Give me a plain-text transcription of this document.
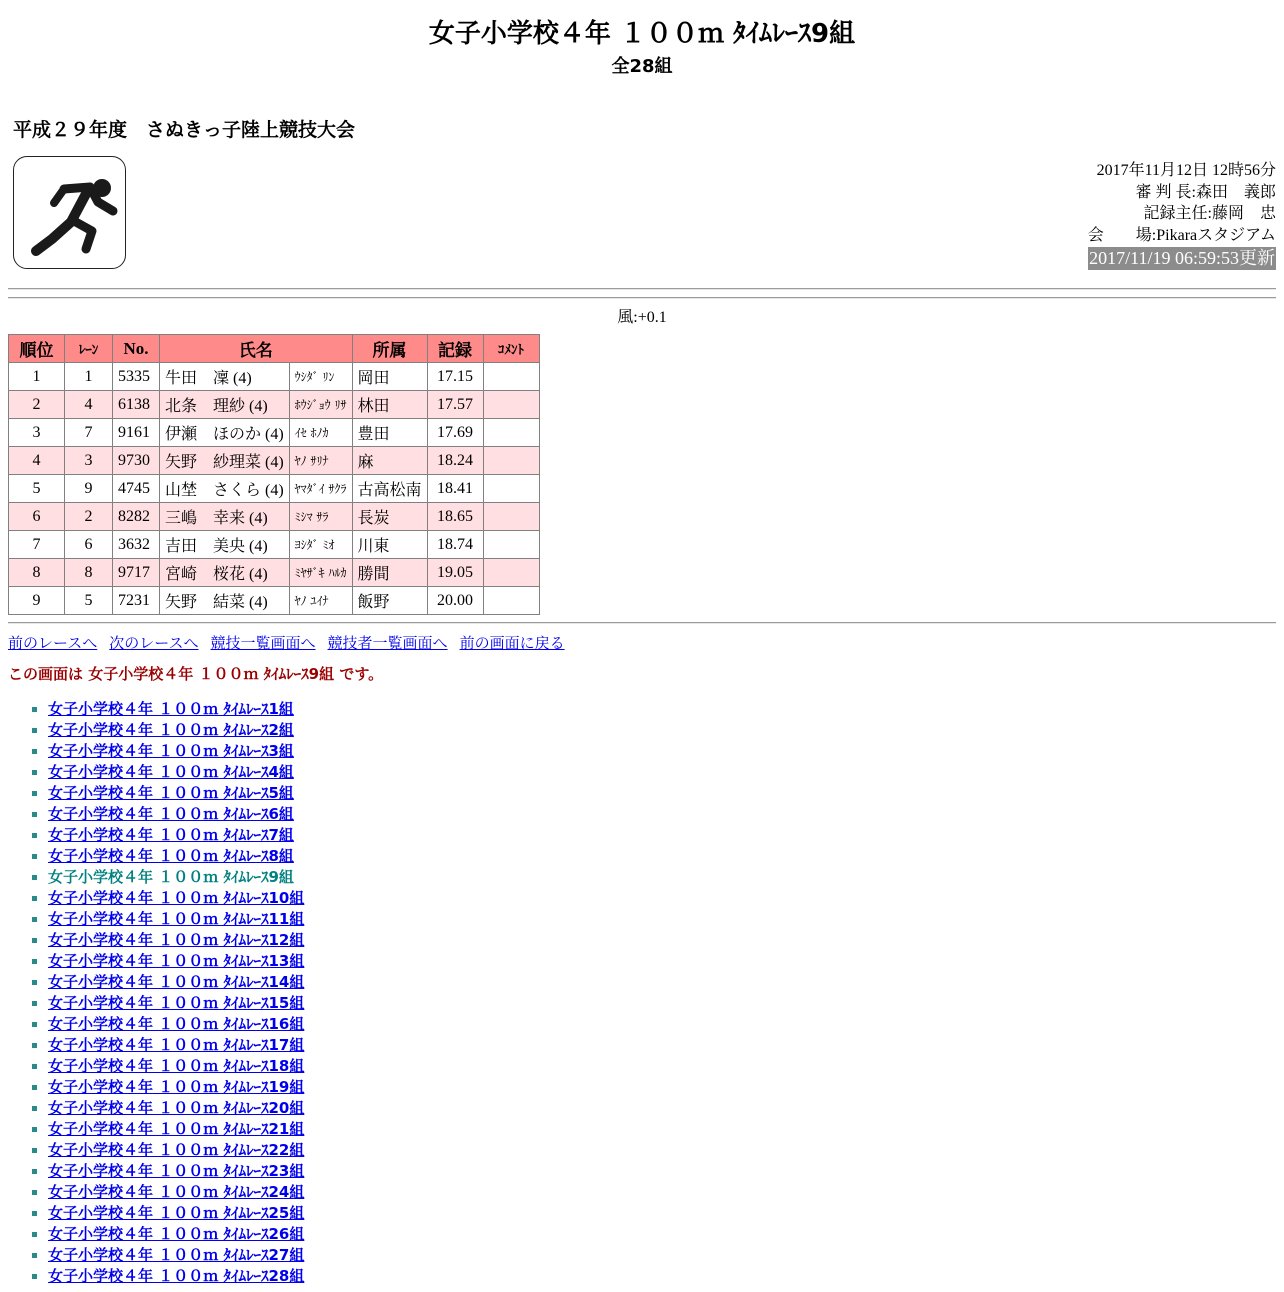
女子小学校４年 １００ｍ ﾀｲﾑﾚｰｽ9組
全28組
平成２９年度　さぬきっ子陸上競技大会
2017年11月12日 12時56分
審 判 長:森田　義郎
記録主任:藤岡　忠
会　　場:Pikaraスタジアム
2017/11/19 06:59:53更新
風:+0.1
順位	ﾚｰﾝ	No.	氏名		所属	記録	ｺﾒﾝﾄ
1	1	5335	牛田　凜 (4)	ｳｼﾀﾞ ﾘﾝ	岡田	17.15	
2	4	6138	北条　理紗 (4)	ﾎｳｼﾞｮｳ ﾘｻ	林田	17.57	
3	7	9161	伊瀬　ほのか (4)	ｲｾ ﾎﾉｶ	豊田	17.69	
4	3	9730	矢野　紗理菜 (4)	ﾔﾉ ｻﾘﾅ	麻	18.24	
5	9	4745	山埜　さくら (4)	ﾔﾏﾀﾞｲ ｻｸﾗ	古高松南	18.41	
6	2	8282	三嶋　幸来 (4)	ﾐｼﾏ ｻﾗ	長炭	18.65	
7	6	3632	吉田　美央 (4)	ﾖｼﾀﾞ ﾐｵ	川東	18.74	
8	8	9717	宮崎　桜花 (4)	ﾐﾔｻﾞｷ ﾊﾙｶ	勝間	19.05	
9	5	7231	矢野　結菜 (4)	ﾔﾉ ﾕｲﾅ	飯野	20.00	
前のレースへ 次のレースへ 競技一覧画面へ 競技者一覧画面へ 前の画面に戻る
この画面は 女子小学校４年 １００ｍ ﾀｲﾑﾚｰｽ9組 です。
女子小学校４年 １００ｍ ﾀｲﾑﾚｰｽ1組
女子小学校４年 １００ｍ ﾀｲﾑﾚｰｽ2組
女子小学校４年 １００ｍ ﾀｲﾑﾚｰｽ3組
女子小学校４年 １００ｍ ﾀｲﾑﾚｰｽ4組
女子小学校４年 １００ｍ ﾀｲﾑﾚｰｽ5組
女子小学校４年 １００ｍ ﾀｲﾑﾚｰｽ6組
女子小学校４年 １００ｍ ﾀｲﾑﾚｰｽ7組
女子小学校４年 １００ｍ ﾀｲﾑﾚｰｽ8組
女子小学校４年 １００ｍ ﾀｲﾑﾚｰｽ9組
女子小学校４年 １００ｍ ﾀｲﾑﾚｰｽ10組
女子小学校４年 １００ｍ ﾀｲﾑﾚｰｽ11組
女子小学校４年 １００ｍ ﾀｲﾑﾚｰｽ12組
女子小学校４年 １００ｍ ﾀｲﾑﾚｰｽ13組
女子小学校４年 １００ｍ ﾀｲﾑﾚｰｽ14組
女子小学校４年 １００ｍ ﾀｲﾑﾚｰｽ15組
女子小学校４年 １００ｍ ﾀｲﾑﾚｰｽ16組
女子小学校４年 １００ｍ ﾀｲﾑﾚｰｽ17組
女子小学校４年 １００ｍ ﾀｲﾑﾚｰｽ18組
女子小学校４年 １００ｍ ﾀｲﾑﾚｰｽ19組
女子小学校４年 １００ｍ ﾀｲﾑﾚｰｽ20組
女子小学校４年 １００ｍ ﾀｲﾑﾚｰｽ21組
女子小学校４年 １００ｍ ﾀｲﾑﾚｰｽ22組
女子小学校４年 １００ｍ ﾀｲﾑﾚｰｽ23組
女子小学校４年 １００ｍ ﾀｲﾑﾚｰｽ24組
女子小学校４年 １００ｍ ﾀｲﾑﾚｰｽ25組
女子小学校４年 １００ｍ ﾀｲﾑﾚｰｽ26組
女子小学校４年 １００ｍ ﾀｲﾑﾚｰｽ27組
女子小学校４年 １００ｍ ﾀｲﾑﾚｰｽ28組
